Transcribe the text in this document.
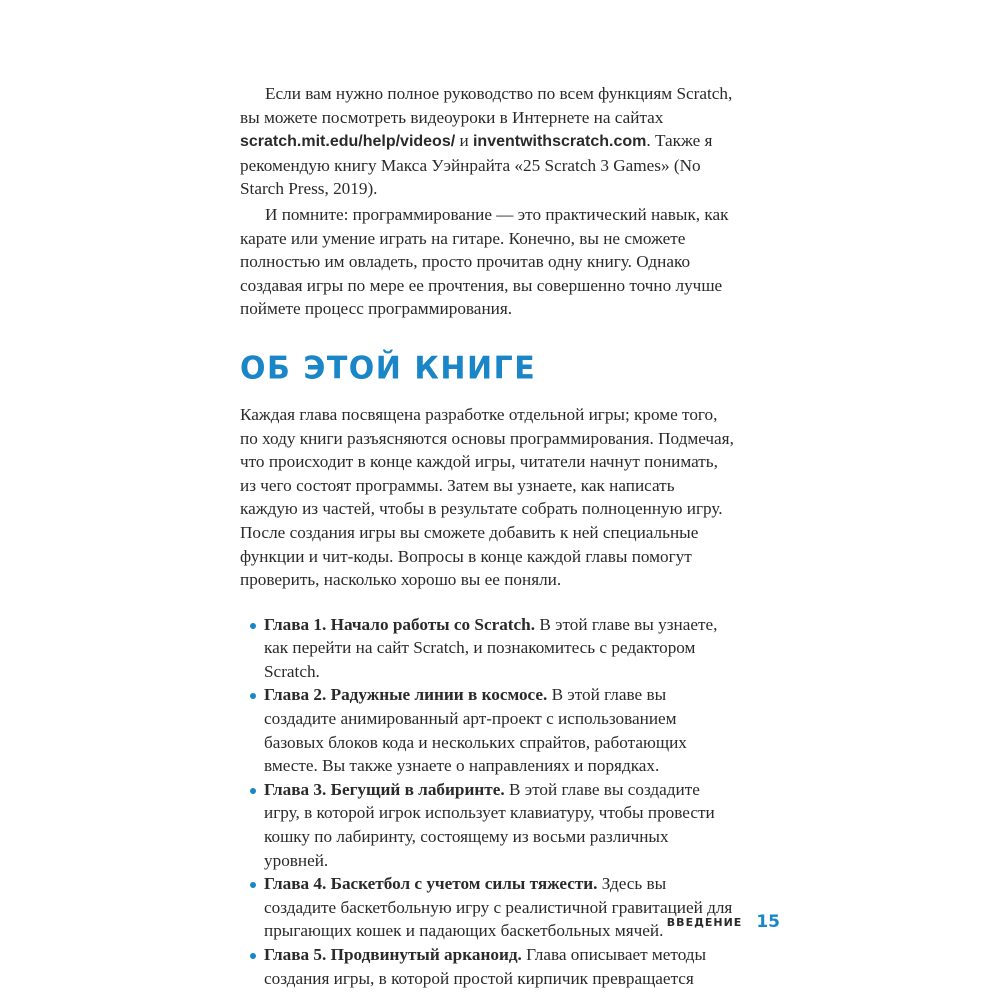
Если вам нужно полное руководство по всем функциям Scratch, вы можете посмотреть видеоуроки в Интернете на сайтах scratch.mit.edu/help/videos/ и inventwithscratch.com. Также я рекомендую книгу Макса Уэйнрайта «25 Scratch 3 Games» (No Starch Press, 2019).

И помните: программирование — это практический навык, как карате или умение играть на гитаре. Конечно, вы не сможете полностью им овладеть, просто прочитав одну книгу. Однако создавая игры по мере ее прочтения, вы совершенно точно лучше поймете процесс программирования.

ОБ ЭТОЙ КНИГЕ

Каждая глава посвящена разработке отдельной игры; кроме того, по ходу книги разъясняются основы программирования. Подмечая, что происходит в конце каждой игры, читатели начнут понимать, из чего состоят программы. Затем вы узнаете, как написать каждую из частей, чтобы в результате собрать полноценную игру. После создания игры вы сможете добавить к ней специальные функции и чит-коды. Вопросы в конце каждой главы помогут проверить, насколько хорошо вы ее поняли.

Глава 1. Начало работы со Scratch. В этой главе вы узнаете, как перейти на сайт Scratch, и познакомитесь с редактором Scratch.
Глава 2. Радужные линии в космосе. В этой главе вы создадите анимированный арт-проект с использованием базовых блоков кода и нескольких спрайтов, работающих вместе. Вы также узнаете о направлениях и порядках.
Глава 3. Бегущий в лабиринте. В этой главе вы создадите игру, в которой игрок использует клавиатуру, чтобы провести кошку по лабиринту, состоящему из восьми различных уровней.
Глава 4. Баскетбол с учетом силы тяжести. Здесь вы создадите баскетбольную игру с реалистичной гравитацией для прыгающих кошек и падающих баскетбольных мячей.
Глава 5. Продвинутый арканоид. Глава описывает методы создания игры, в которой простой кирпичик превращается
ВВЕДЕНИЕ 15
